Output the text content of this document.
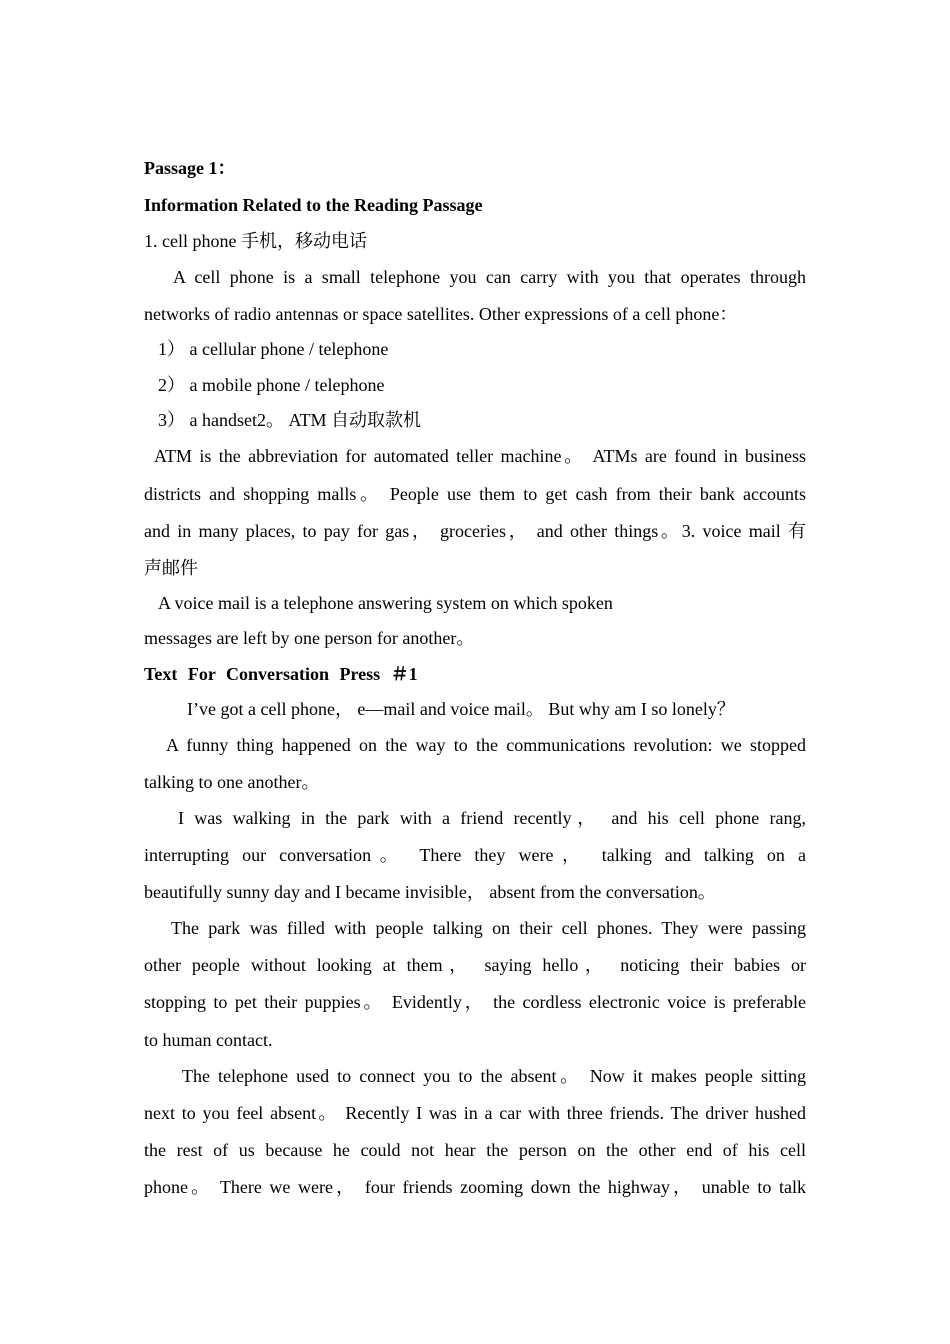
Passage 1：

Information Related to the Reading Passage

1. cell phone 手机，移动电话

A cell phone is a small telephone you can carry with you that operates through

networks of radio antennas or space satellites. Other expressions of a cell phone：

1） a cellular phone / telephone

2） a mobile phone / telephone

3） a handset2。 ATM 自动取款机

ATM is the abbreviation for automated teller machine。 ATMs are found in business

districts and shopping malls。 People use them to get cash from their bank accounts

and in many places, to pay for gas， groceries， and other things。3. voice mail 有

声邮件

A voice mail is a telephone answering system on which spoken

messages are left by one person for another。

Text For Conversation Press ＃1

I’ve got a cell phone， e—mail and voice mail。 But why am I so lonely？

A funny thing happened on the way to the communications revolution: we stopped

talking to one another。

I was walking in the park with a friend recently， and his cell phone rang,

interrupting our conversation。 There they were， talking and talking on a

beautifully sunny day and I became invisible， absent from the conversation。

The park was filled with people talking on their cell phones. They were passing

other people without looking at them， saying hello， noticing their babies or

stopping to pet their puppies。 Evidently， the cordless electronic voice is preferable

to human contact.

The telephone used to connect you to the absent。 Now it makes people sitting

next to you feel absent。 Recently I was in a car with three friends. The driver hushed

the rest of us because he could not hear the person on the other end of his cell

phone。 There we were， four friends zooming down the highway， unable to talk
